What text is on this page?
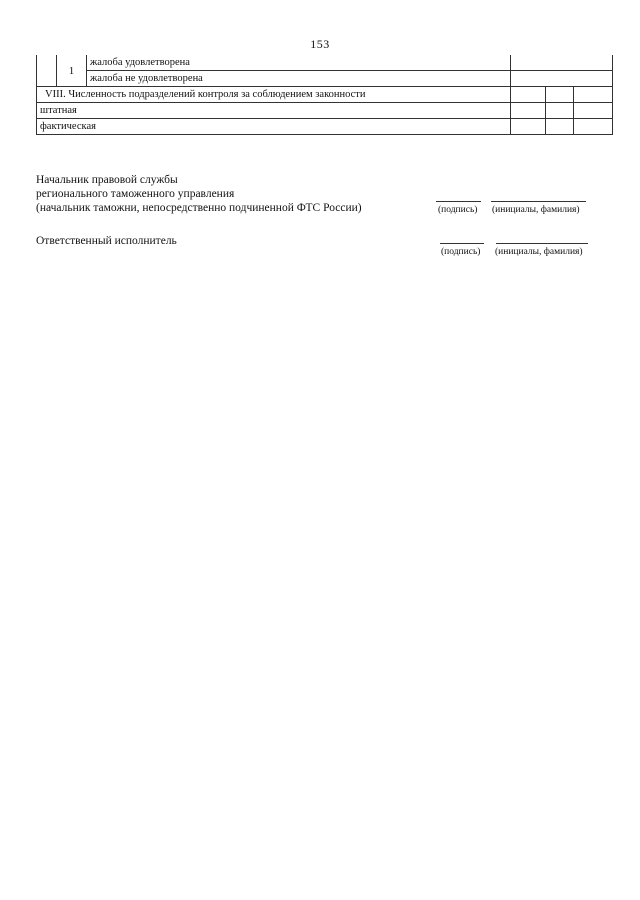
153
	1	жалоба удовлетворена			
		жалоба не удовлетворена			
VIII. Численность подразделений контроля за соблюдением законности					
штатная					
фактическая					
Начальник правовой службы
регионального таможенного управления
(начальник таможни, непосредственно подчиненной ФТС России)	(подпись) (инициалы, фамилия)
Ответственный исполнитель
(подпись) (инициалы, фамилия)
